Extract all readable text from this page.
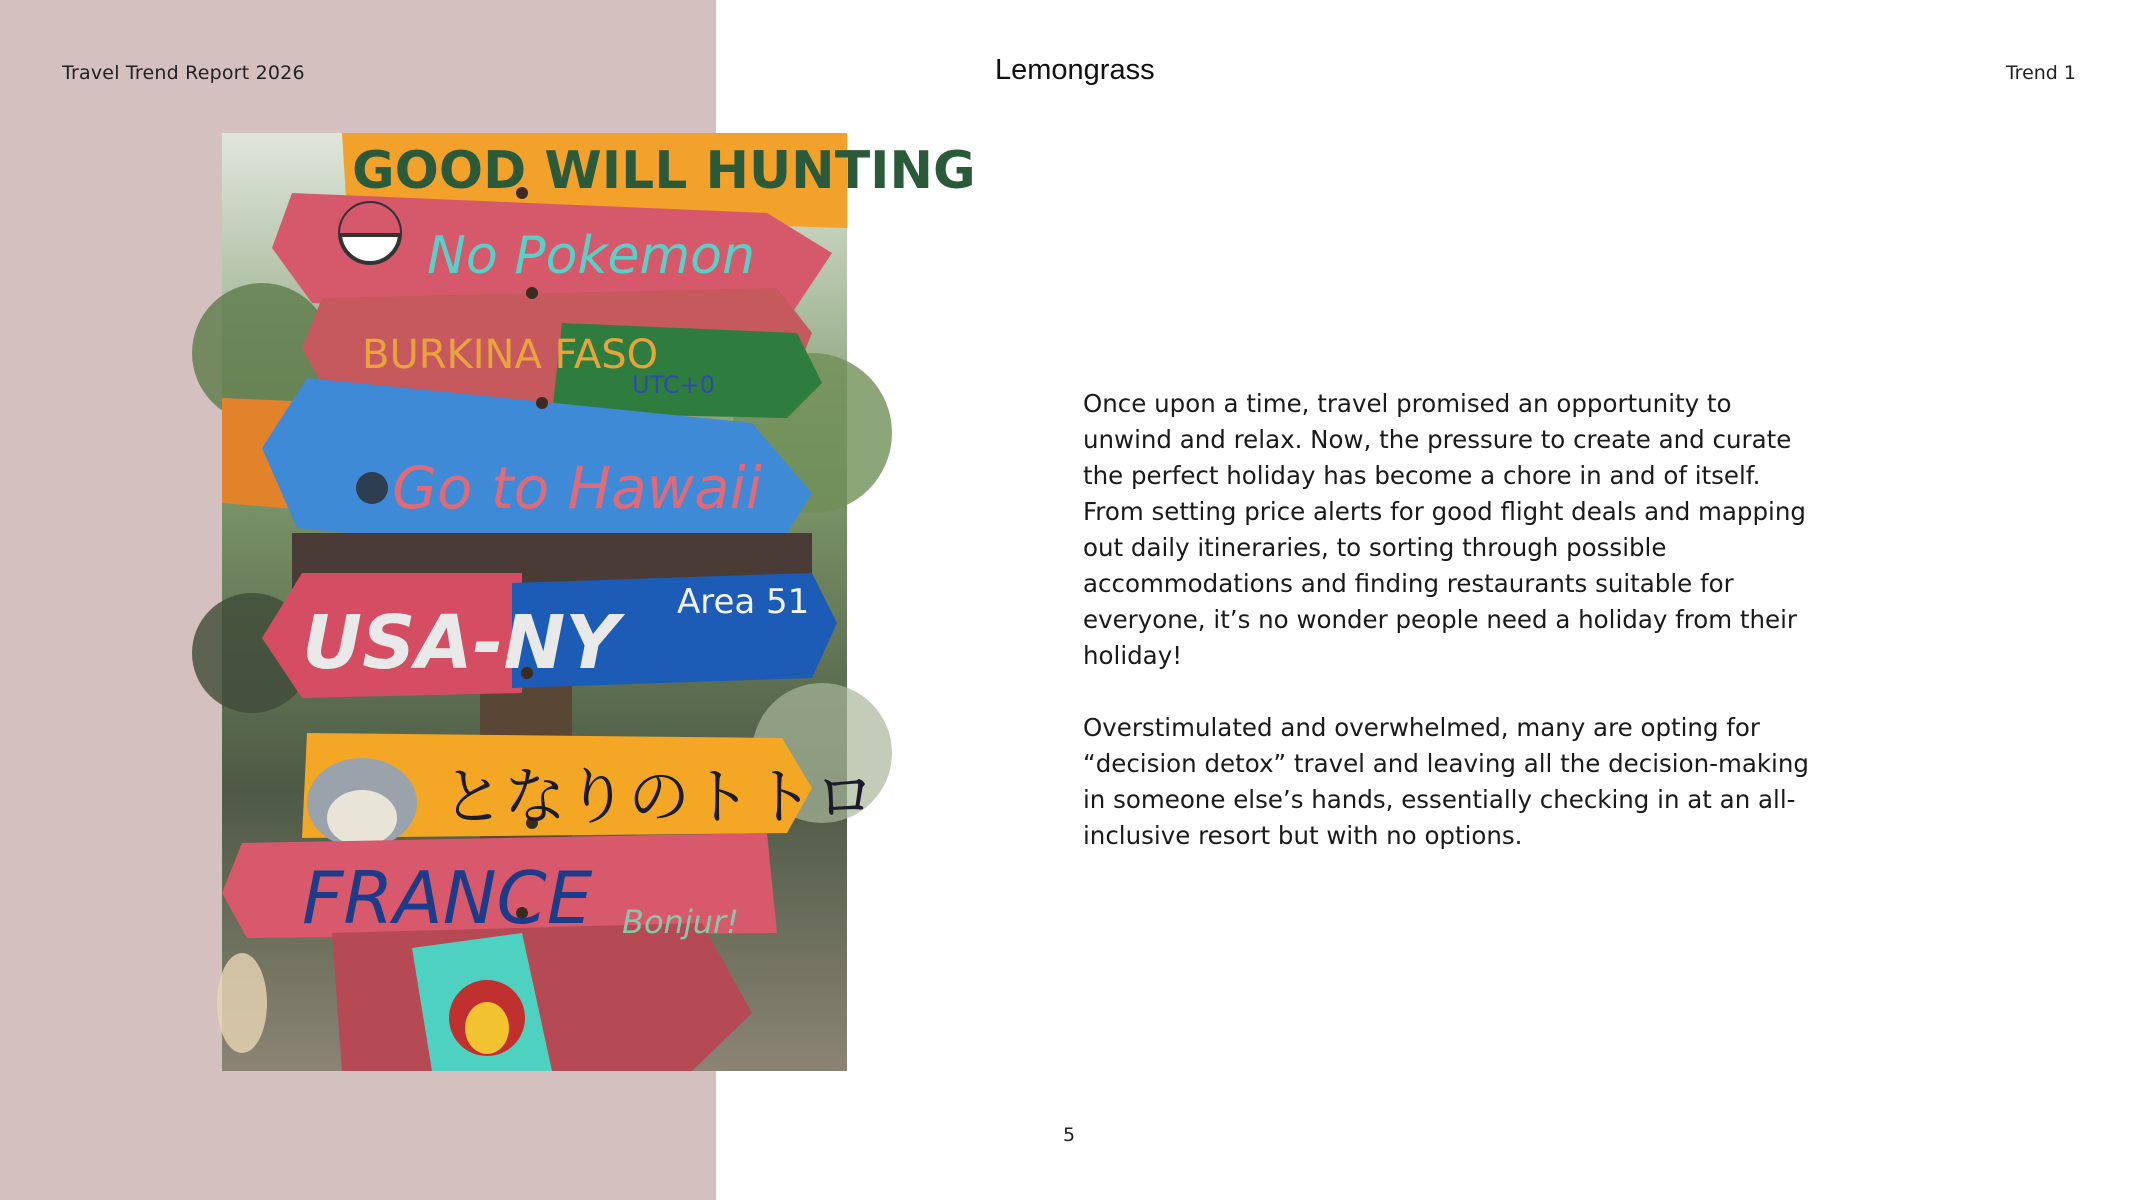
Travel Trend Report 2026	Lemongrass	Trend 1
GOOD WILL HUNTING
No Pokemon
BURKINA FASO
UTC+0
Go to Hawaii
USA-NY Area 51
となりのトトロ
FRANCE Bonjur!

Once upon a time, travel promised an opportunity to unwind and relax. Now, the pressure to create and curate the perfect holiday has become a chore in and of itself. From setting price alerts for good flight deals and mapping out daily itineraries, to sorting through possible accommodations and finding restaurants suitable for everyone, it’s no wonder people need a holiday from their holiday!

Overstimulated and overwhelmed, many are opting for “decision detox” travel and leaving all the decision-making in someone else’s hands, essentially checking in at an all-inclusive resort but with no options.

5
